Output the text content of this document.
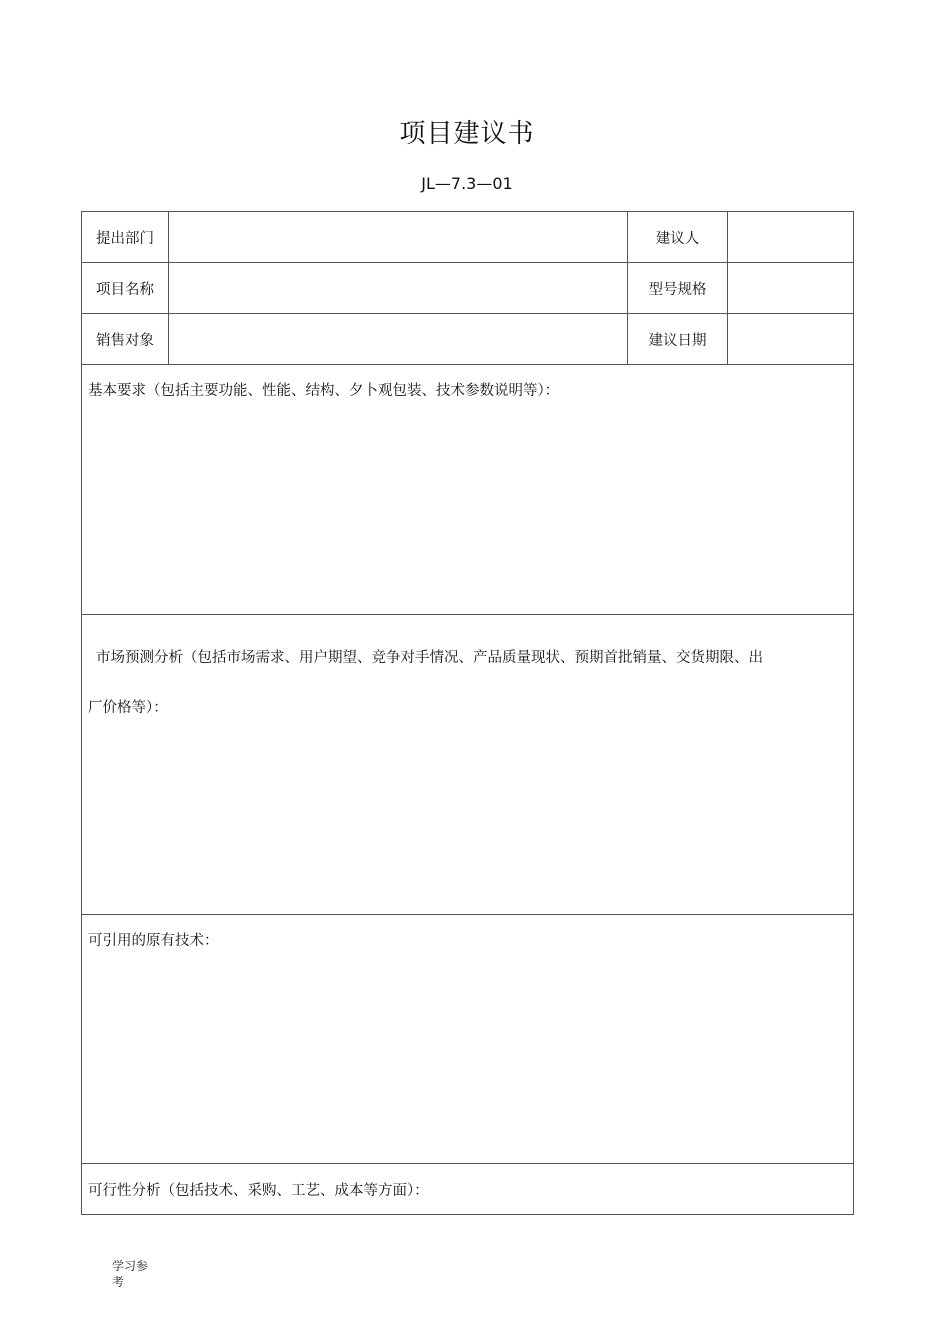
项目建议书
JL—7.3—01
提出部门		建议人	
项目名称		型号规格	
销售对象		建议日期	

基本要求（包括主要功能、性能、结构、夕卜观包装、技术参数说明等）：			

市场预测分析（包括市场需求、用户期望、竞争对手情况、产品质量现状、预期首批销量、交货期限、出
厂价格等）：			

可引用的原有技术：			

可行性分析（包括技术、采购、工艺、成本等方面）：			
学习参
考
